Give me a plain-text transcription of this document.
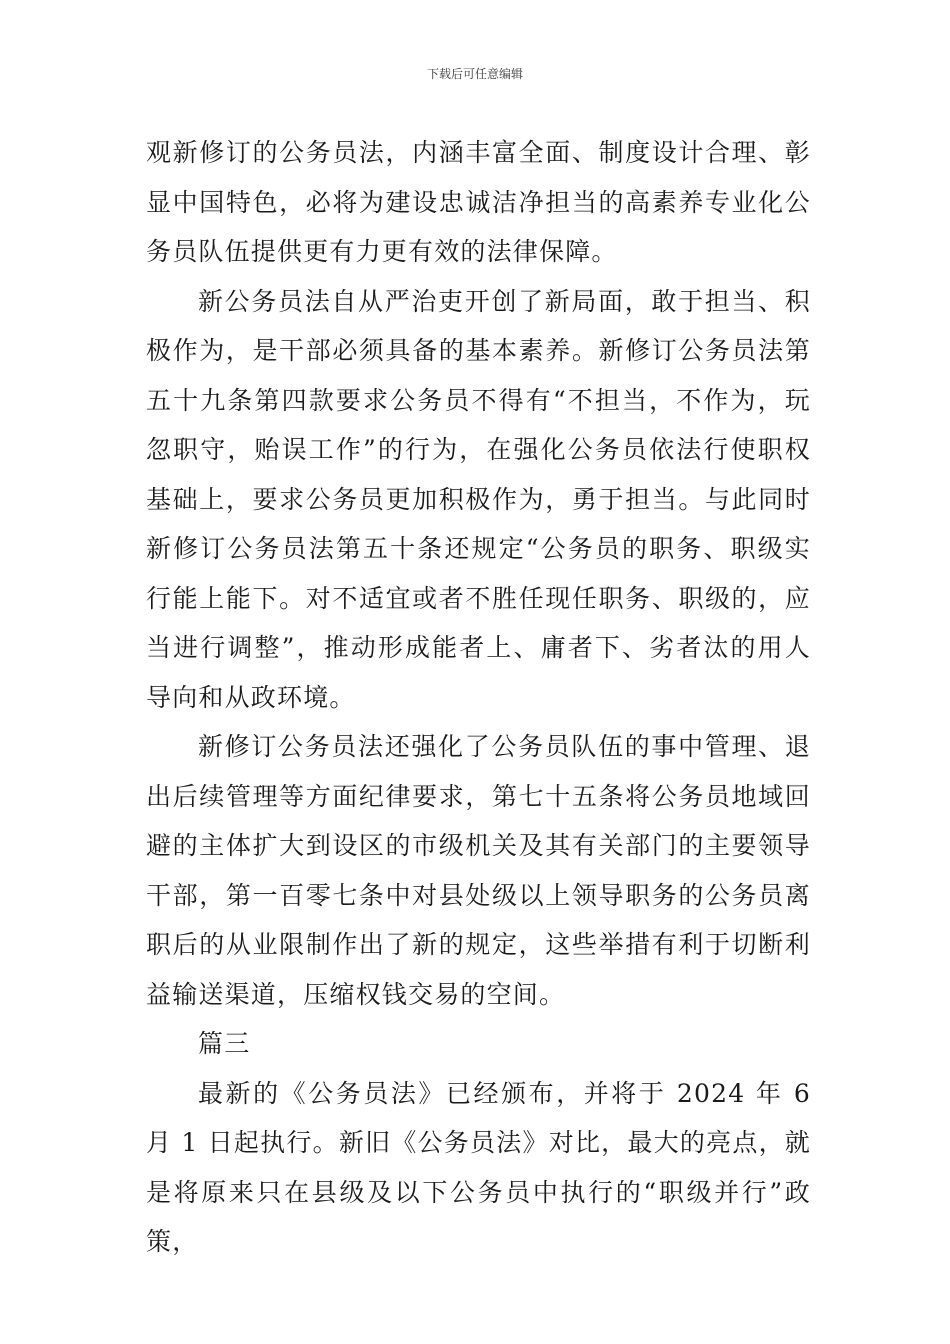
下载后可任意编辑

观新修订的公务员法，内涵丰富全面、制度设计合理、彰显中国特色，必将为建设忠诚洁净担当的高素养专业化公务员队伍提供更有力更有效的法律保障。

新公务员法自从严治吏开创了新局面，敢于担当、积极作为，是干部必须具备的基本素养。新修订公务员法第五十九条第四款要求公务员不得有“不担当，不作为，玩忽职守，贻误工作”的行为，在强化公务员依法行使职权基础上，要求公务员更加积极作为，勇于担当。与此同时新修订公务员法第五十条还规定“公务员的职务、职级实行能上能下。对不适宜或者不胜任现任职务、职级的，应当进行调整”，推动形成能者上、庸者下、劣者汰的用人导向和从政环境。

新修订公务员法还强化了公务员队伍的事中管理、退出后续管理等方面纪律要求，第七十五条将公务员地域回避的主体扩大到设区的市级机关及其有关部门的主要领导干部，第一百零七条中对县处级以上领导职务的公务员离职后的从业限制作出了新的规定，这些举措有利于切断利益输送渠道，压缩权钱交易的空间。

篇三

最新的《公务员法》已经颁布，并将于 2024 年 6 月 1 日起执行。新旧《公务员法》对比，最大的亮点，就是将原来只在县级及以下公务员中执行的“职级并行”政策，
